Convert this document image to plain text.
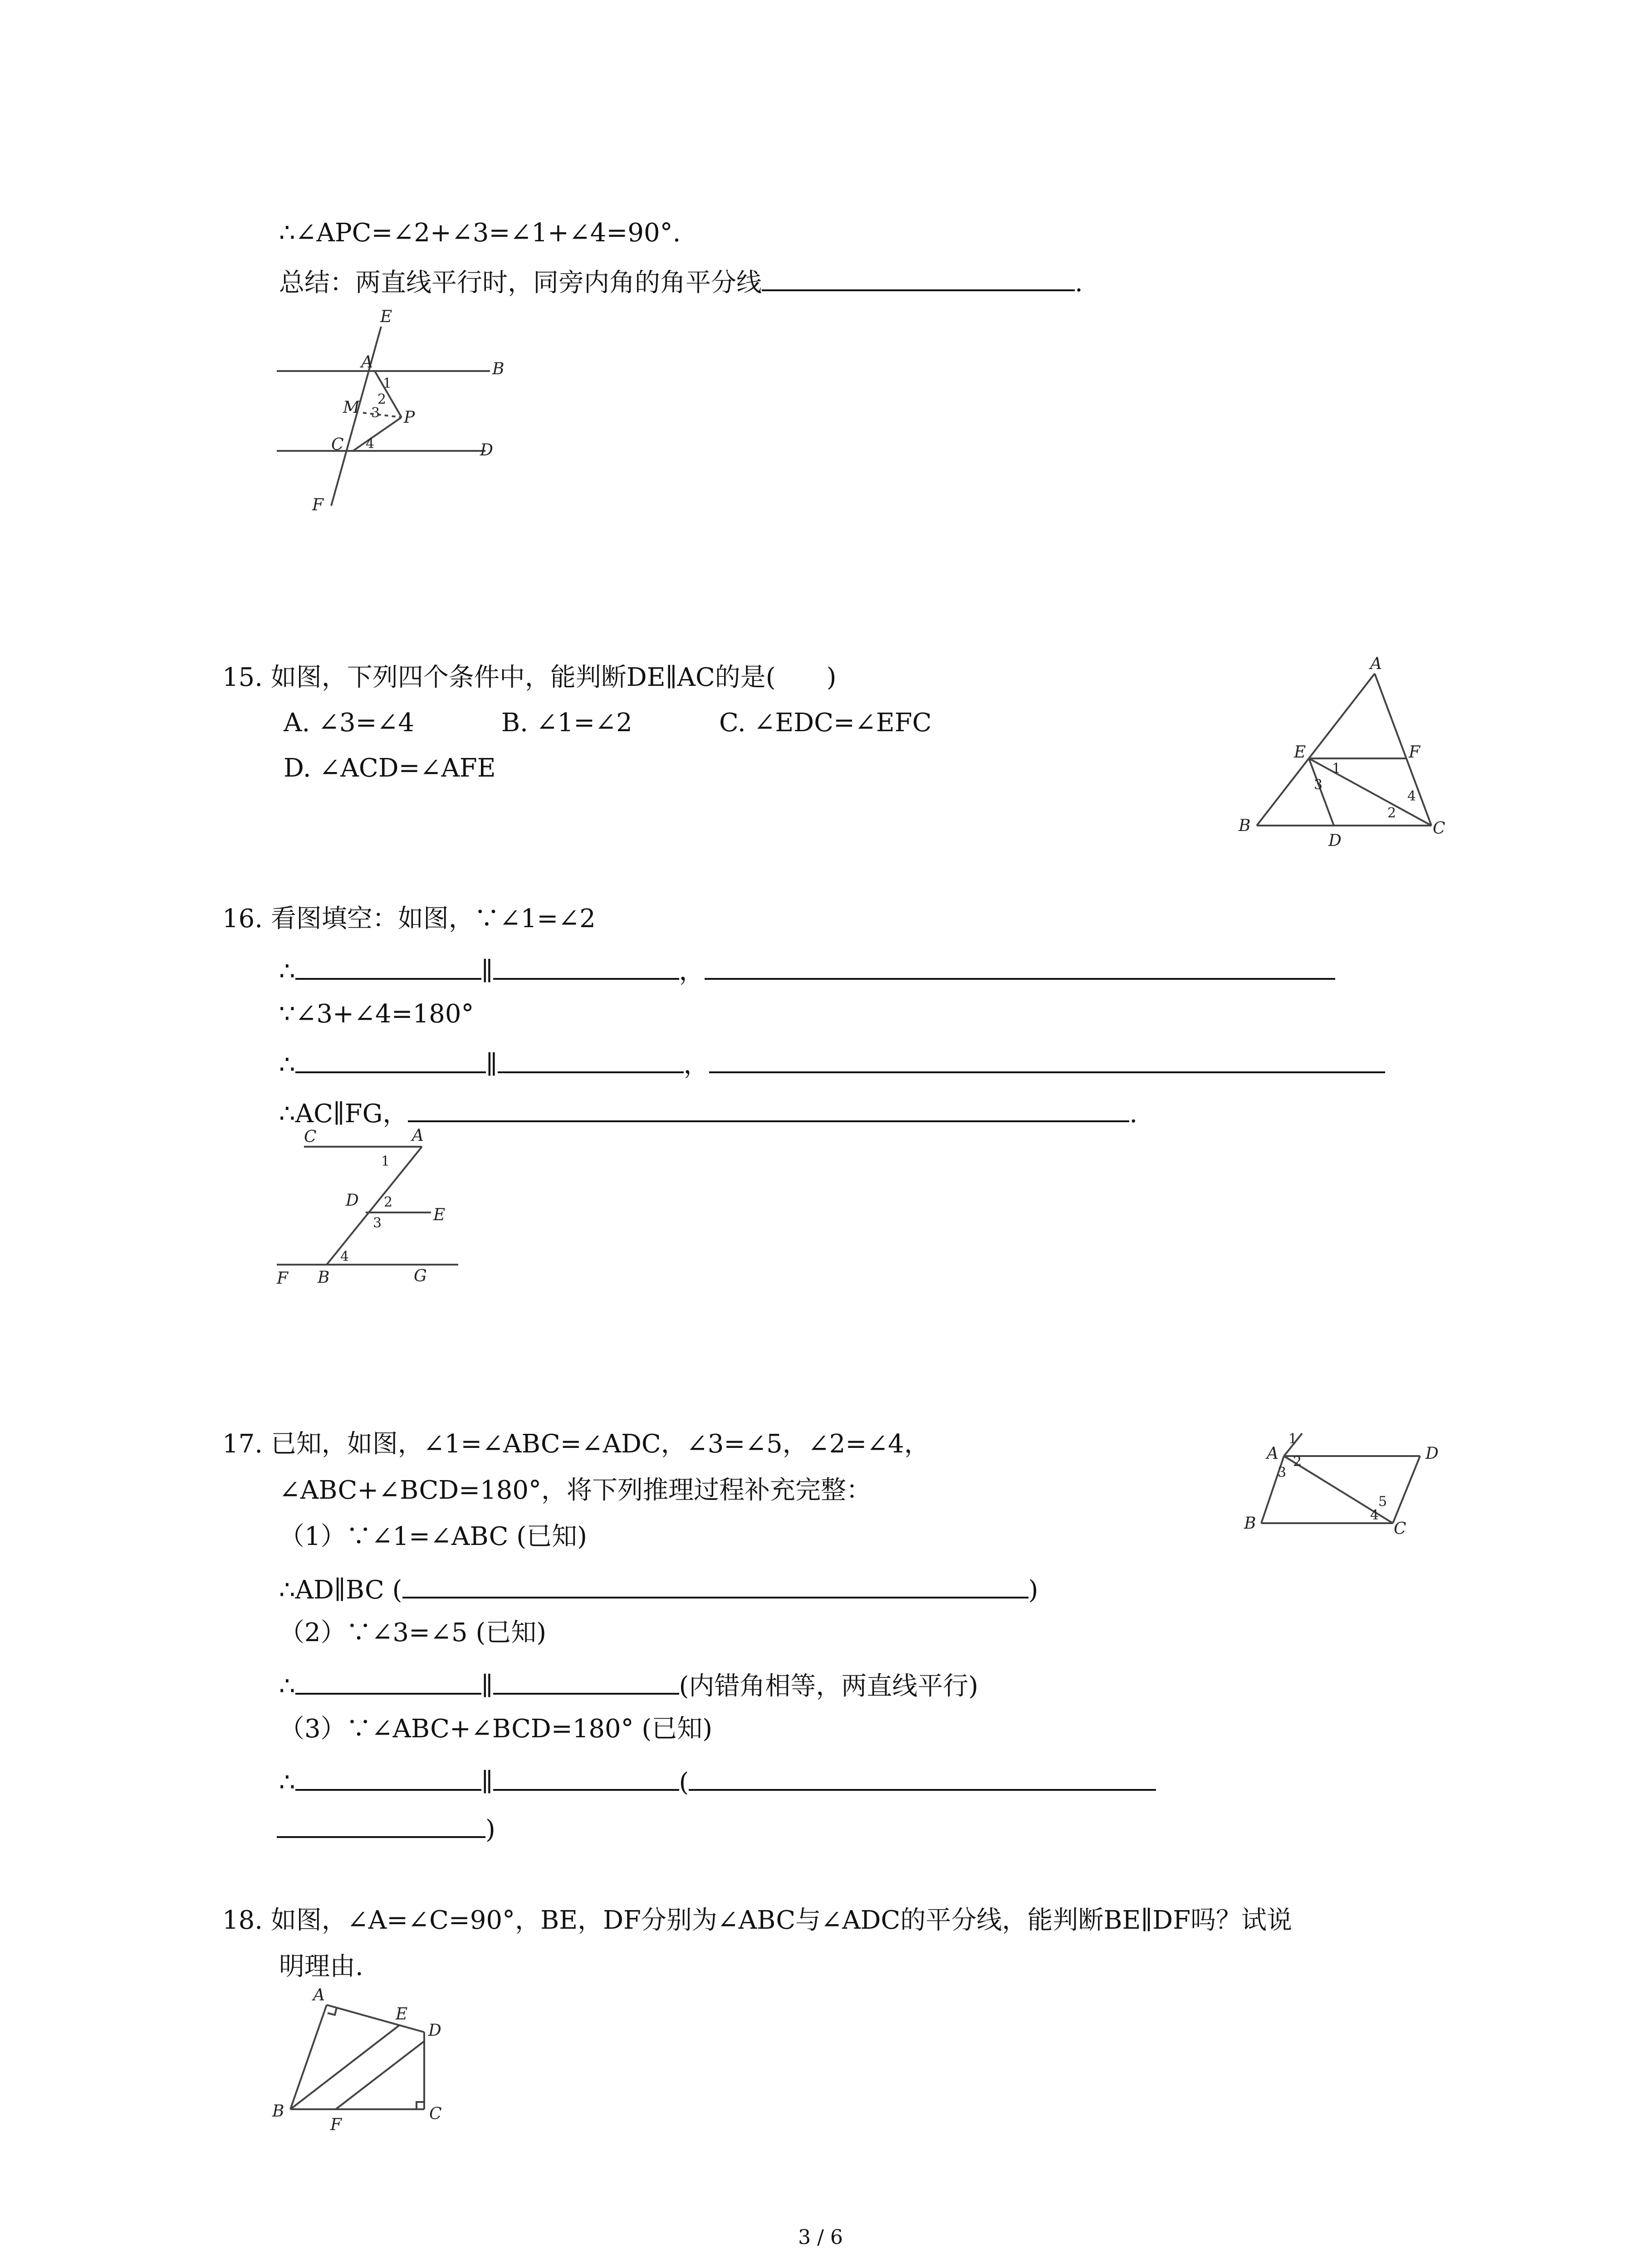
∴∠APC=∠2+∠3=∠1+∠4=90°.
总结：两直线平行时，同旁内角的角平分线	.
E
A	B
M
P
C	D
F
1
2
3
4
15. 如图，下列四个条件中，能判断DE∥AC的是(　　)
A. ∠3=∠4	B. ∠1=∠2	C. ∠EDC=∠EFC
D. ∠ACD=∠AFE
A
E	F
B
D
C
1
2
3
4
16. 看图填空：如图，∵∠1=∠2
∴	∥	，
∵∠3+∠4=180°
∴	∥	，
∴AC∥FG，	.
C	A
D
E
F B	G
1
2
3
4
17. 已知，如图，∠1=∠ABC=∠ADC，∠3=∠5，∠2=∠4，
∠ABC+∠BCD=180°，将下列推理过程补充完整：
（1）∵∠1=∠ABC (已知)
∴AD∥BC (	)
（2）∵∠3=∠5 (已知)
∴	∥	(内错角相等，两直线平行)
（3）∵∠ABC+∠BCD=180° (已知)
∴	∥	(
)
A	D
B	C
1
2
3
4
5
18. 如图，∠A=∠C=90°，BE，DF分别为∠ABC与∠ADC的平分线，能判断BE∥DF吗？试说
明理由.
A
E
D
B
F
C
3 / 6
